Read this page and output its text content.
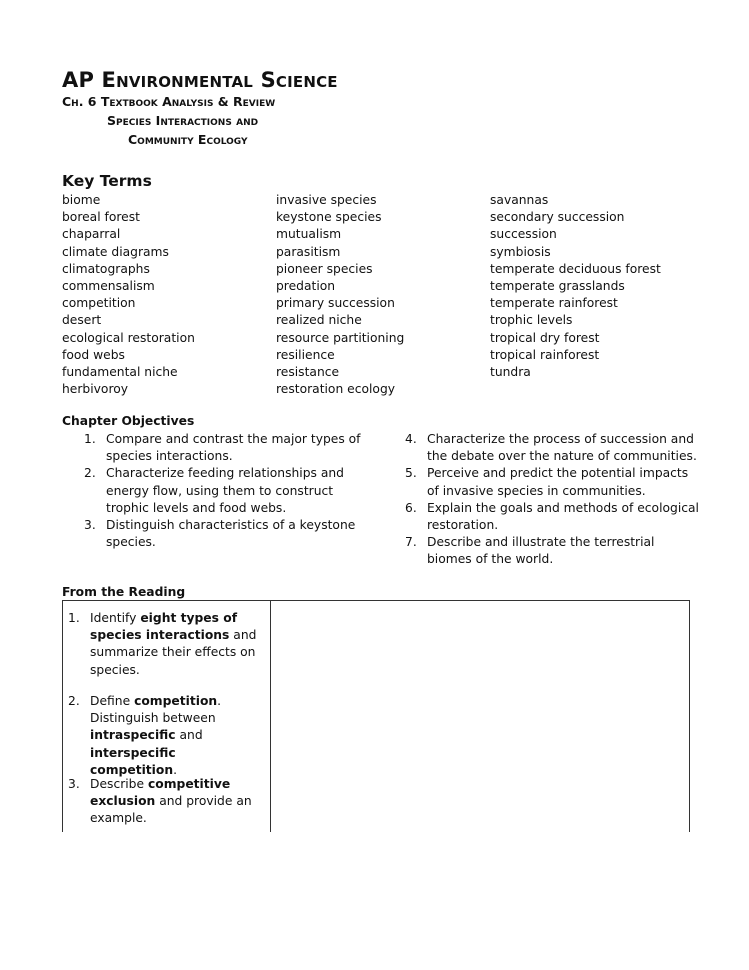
AP Environmental Science
Ch. 6 Textbook Analysis & Review
Species Interactions and
Community Ecology
Key Terms
biome
boreal forest
chaparral
climate diagrams
climatographs
commensalism
competition
desert
ecological restoration
food webs
fundamental niche
herbivoroy
invasive species
keystone species
mutualism
parasitism
pioneer species
predation
primary succession
realized niche
resource partitioning
resilience
resistance
restoration ecology
savannas
secondary succession
succession
symbiosis
temperate deciduous forest
temperate grasslands
temperate rainforest
trophic levels
tropical dry forest
tropical rainforest
tundra
Chapter Objectives
1. Compare and contrast the major types of species interactions.
2. Characterize feeding relationships and energy flow, using them to construct trophic levels and food webs.
3. Distinguish characteristics of a keystone species.
4. Characterize the process of succession and the debate over the nature of communities.
5. Perceive and predict the potential impacts of invasive species in communities.
6. Explain the goals and methods of ecological restoration.
7. Describe and illustrate the terrestrial biomes of the world.
From the Reading
1. Identify eight types of species interactions and summarize their effects on species.
2. Define competition. Distinguish between intraspecific and interspecific competition.
3. Describe competitive exclusion and provide an example.
